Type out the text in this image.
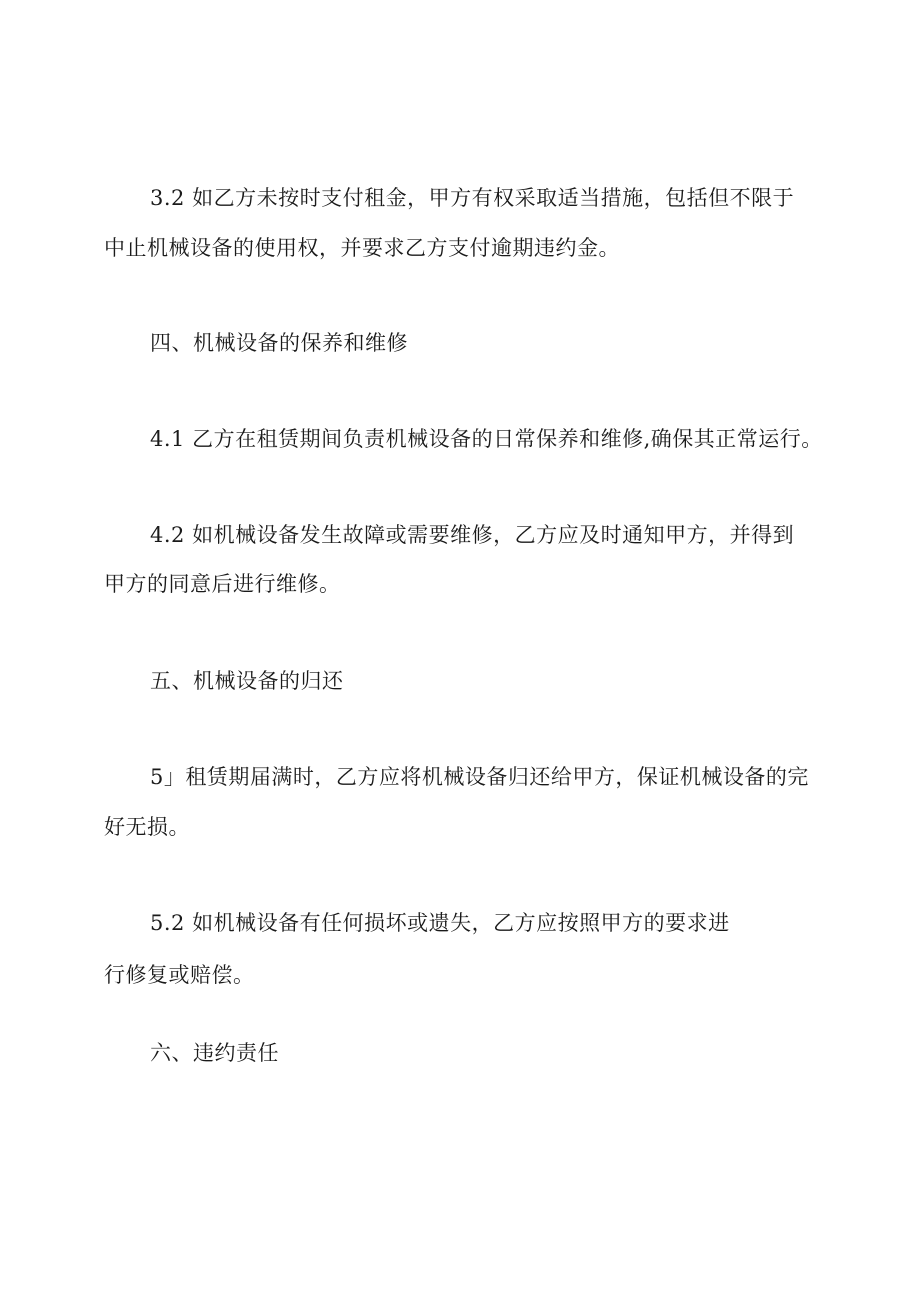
3.2 如乙方未按时支付租金，甲方有权采取适当措施，包括但不限于
中止机械设备的使用权，并要求乙方支付逾期违约金。
四、机械设备的保养和维修
4.1 乙方在租赁期间负责机械设备的日常保养和维修,确保其正常运行。
4.2 如机械设备发生故障或需要维修，乙方应及时通知甲方，并得到
甲方的同意后进行维修。
五、机械设备的归还
5」租赁期届满时，乙方应将机械设备归还给甲方，保证机械设备的完
好无损。
5.2 如机械设备有任何损坏或遗失，乙方应按照甲方的要求进
行修复或赔偿。
六、违约责任
